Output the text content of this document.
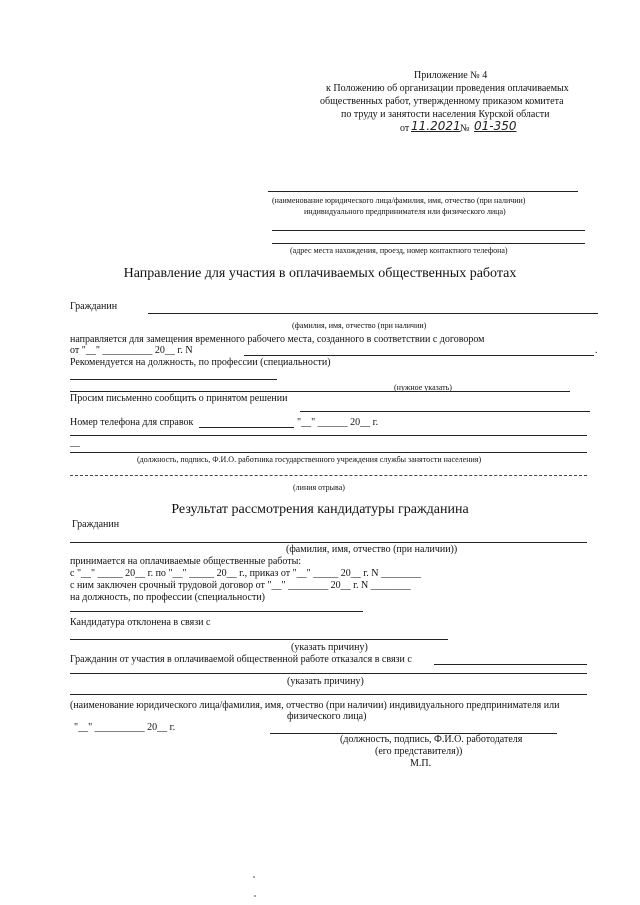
Приложение № 4
к Положению об организации проведения оплачиваемых
общественных работ, утвержденному приказом комитета
по труду и занятости населения Курской области
от 11.2021 № 01-350
(наименование юридического лица/фамилия, имя, отчество (при наличии)
индивидуального предпринимателя или физического лица)
(адрес места нахождения, проезд, номер контактного телефона)
Направление для участия в оплачиваемых общественных работах
Гражданин
(фамилия, имя, отчество (при наличии)
направляется для замещения временного рабочего места, созданного в соответствии с договором
от "__" __________ 20__ г. N	.
Рекомендуется на должность, по профессии (специальности)
(нужное указать)
Просим письменно сообщить о принятом решении
Номер телефона для справок	"__" ______ 20__ г.
—
(должность, подпись, Ф.И.О. работника государственного учреждения службы занятости населения)
(линия отрыва)
Результат рассмотрения кандидатуры гражданина
Гражданин
(фамилия, имя, отчество (при наличии))
принимается на оплачиваемые общественные работы:
с "__" _____ 20__ г. по "__" _____ 20__ г., приказ от "__" _____ 20__ г. N ________
с ним заключен срочный трудовой договор от "__" ________ 20__ г. N ________
на должность, по профессии (специальности)
Кандидатура отклонена в связи с
(указать причину)
Гражданин от участия в оплачиваемой общественной работе отказался в связи с
(указать причину)
(наименование юридического лица/фамилия, имя, отчество (при наличии) индивидуального предпринимателя или
физического лица)
"__" __________ 20__ г.
(должность, подпись, Ф.И.О. работодателя
(его представителя))
М.П.
